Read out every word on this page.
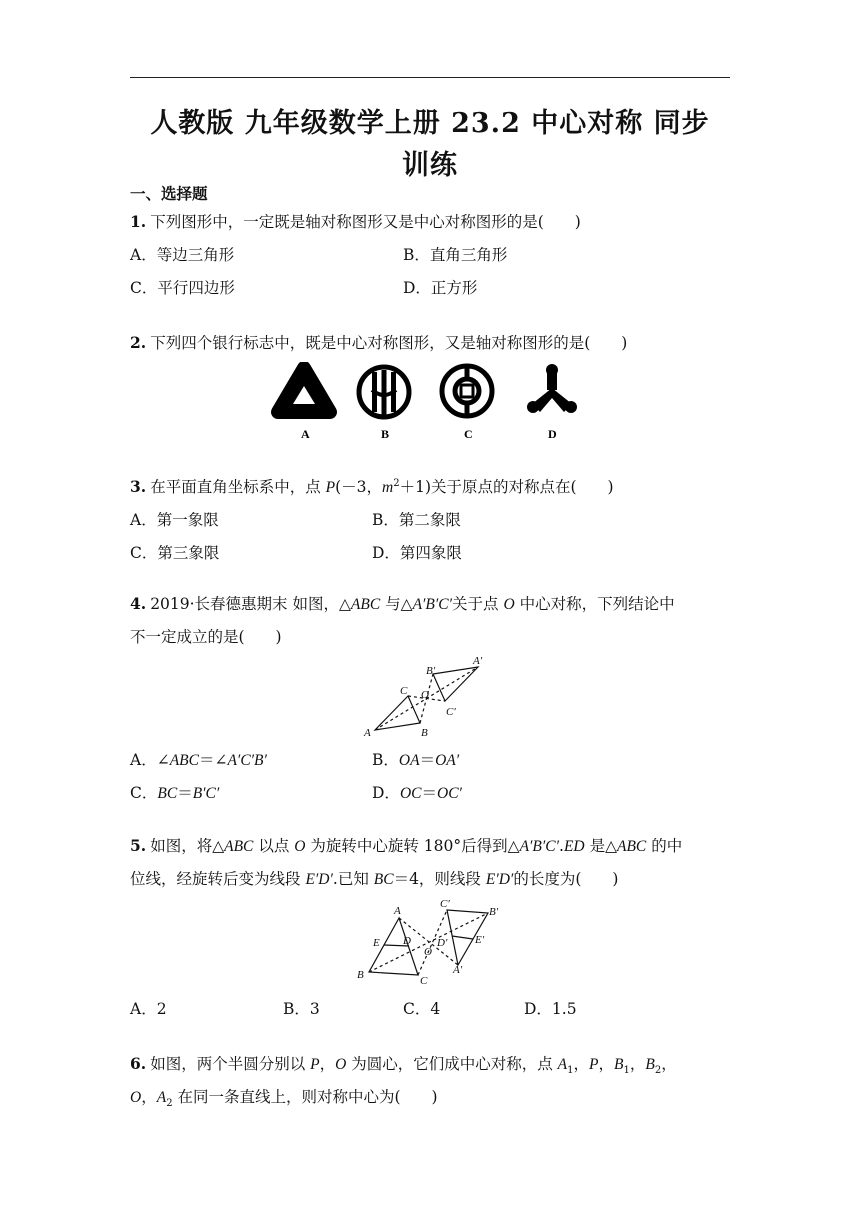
人教版 九年级数学上册 23.2 中心对称 同步
训练
一、选择题
1. 下列图形中，一定既是轴对称图形又是中心对称图形的是(　　)
A．等边三角形	B．直角三角形
C．平行四边形	D．正方形
2. 下列四个银行标志中，既是中心对称图形，又是轴对称图形的是(　　)
A	B	C	D
3. 在平面直角坐标系中，点 P(－3，$m^2+1$)关于原点的对称点在(　　)
A．第一象限	B．第二象限
C．第三象限	D．第四象限
4. 2019·长春德惠期末 如图，△ABC 与△A′B′C′关于点 O 中心对称，下列结论中
不一定成立的是(　　)
A	B
C O
A′
B′
C′
A．∠ABC＝∠A′C′B′	B．OA＝OA′
C．BC＝B′C′	D．OC＝OC′
5. 如图，将△ABC 以点 O 为旋转中心旋转 180°后得到△A′B′C′.ED 是△ABC 的中
位线，经旋转后变为线段 E′D′.已知 BC＝4，则线段 E′D′的长度为(　　)
A
B	C
D
E
O
A′
B′
C′
D′	E′
A．2	B．3	C．4	D．1.5
6. 如图，两个半圆分别以 P，O 为圆心，它们成中心对称，点 $A_1$，P，$B_1$，$B_2$，
O，$A_2$ 在同一条直线上，则对称中心为(　　)
